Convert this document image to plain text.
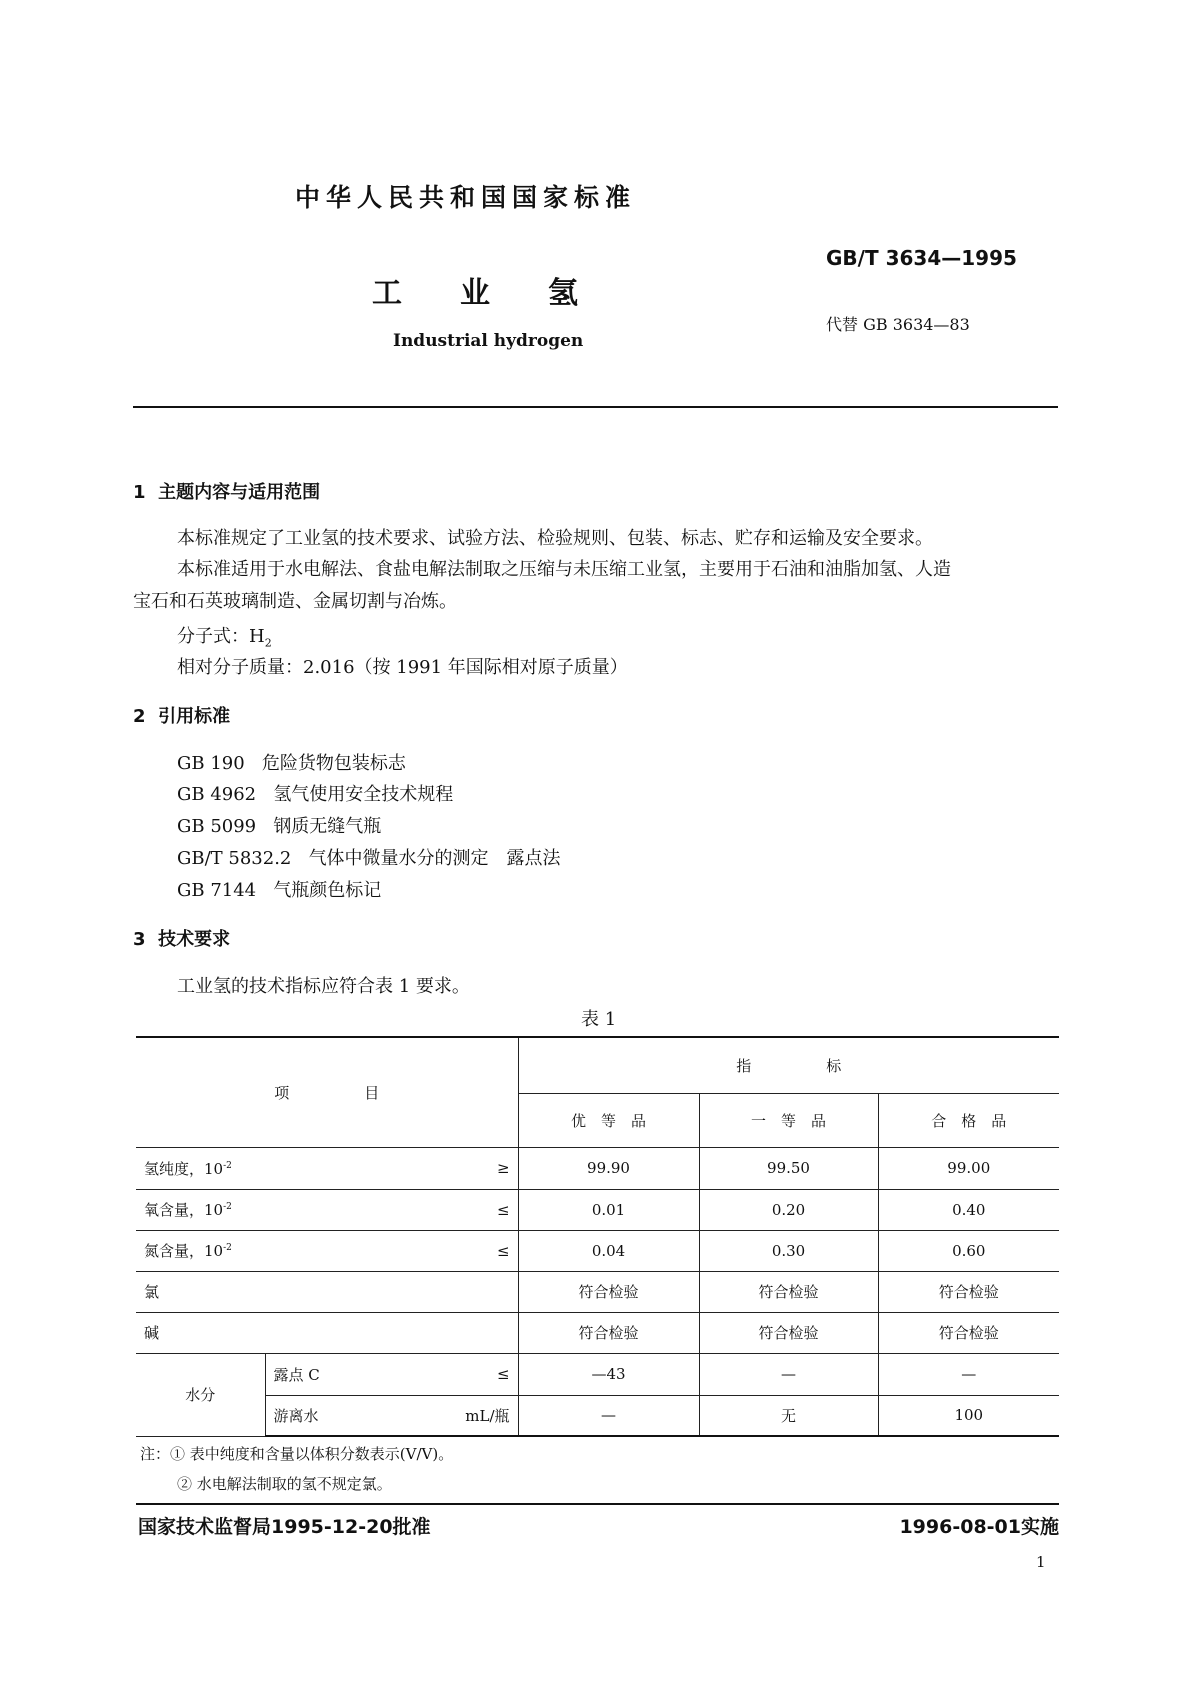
中华人民共和国国家标准
GB/T 3634—1995
工　业　氢
代替 GB 3634—83
Industrial hydrogen
1 主题内容与适用范围
本标准规定了工业氢的技术要求、试验方法、检验规则、包装、标志、贮存和运输及安全要求。
本标准适用于水电解法、食盐电解法制取之压缩与未压缩工业氢，主要用于石油和油脂加氢、人造
宝石和石英玻璃制造、金属切割与冶炼。
分子式：$H_2$
相对分子质量：2.016（按 1991 年国际相对原子质量）
2 引用标准
GB 190 危险货物包装标志
GB 4962 氢气使用安全技术规程
GB 5099 钢质无缝气瓶
GB/T 5832.2 气体中微量水分的测定　露点法
GB 7144 气瓶颜色标记
3 技术要求
工业氢的技术指标应符合表 1 要求。
表 1
项　　　　　目		指　　　　　标		
		优　等　品	一　等　品	合　格　品

氢纯度，$10^{-2}$ ≥		99.90	99.50	99.00

氧含量，$10^{-2}$ ≤		0.01	0.20	0.40

氮含量，$10^{-2}$ ≤		0.04	0.30	0.60
氯		符合检验	符合检验	符合检验
碱		符合检验	符合检验	符合检验
水分	露点 C ≤	—43	—	—

	游离水 mL/瓶	—	无	100
注：① 表中纯度和含量以体积分数表示(V/V)。
② 水电解法制取的氢不规定氯。
国家技术监督局1995-12-20批准	1996-08-01实施
1
